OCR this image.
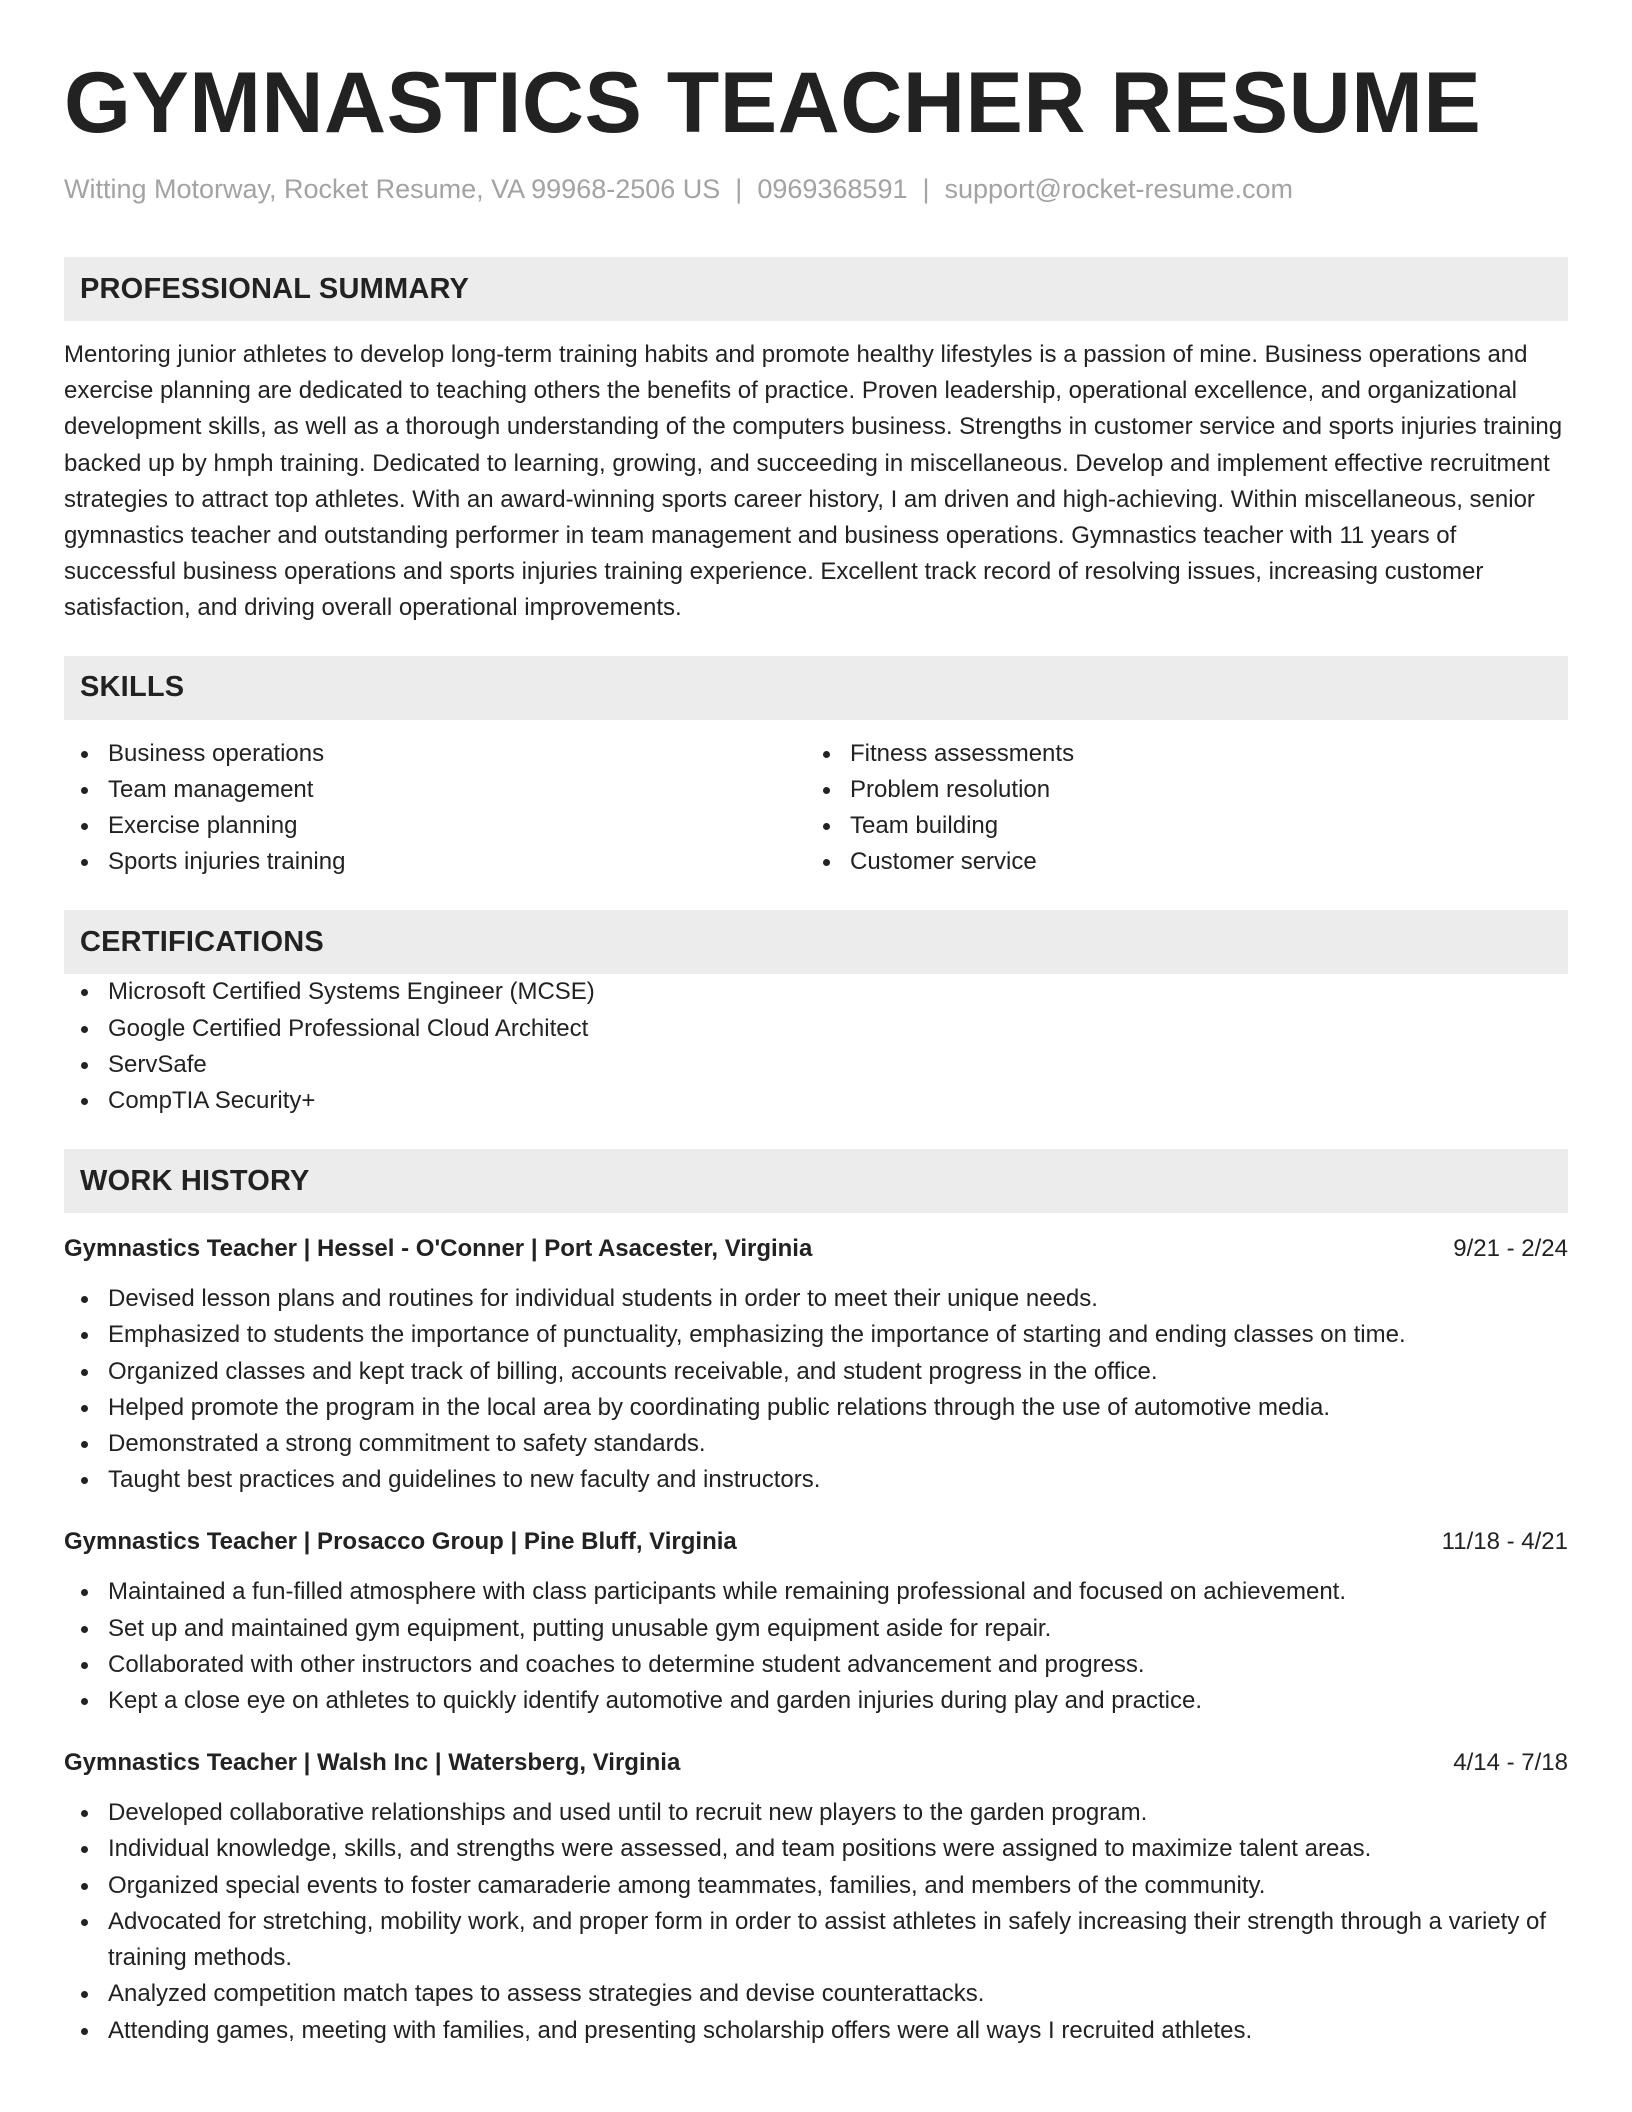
GYMNASTICS TEACHER RESUME
Witting Motorway, Rocket Resume, VA 99968-2506 US | 0969368591 | support@rocket-resume.com
PROFESSIONAL SUMMARY
Mentoring junior athletes to develop long-term training habits and promote healthy lifestyles is a passion of mine. Business operations and exercise planning are dedicated to teaching others the benefits of practice. Proven leadership, operational excellence, and organizational development skills, as well as a thorough understanding of the computers business. Strengths in customer service and sports injuries training backed up by hmph training. Dedicated to learning, growing, and succeeding in miscellaneous. Develop and implement effective recruitment strategies to attract top athletes. With an award-winning sports career history, I am driven and high-achieving. Within miscellaneous, senior gymnastics teacher and outstanding performer in team management and business operations. Gymnastics teacher with 11 years of successful business operations and sports injuries training experience. Excellent track record of resolving issues, increasing customer satisfaction, and driving overall operational improvements.
SKILLS
Business operations
Team management
Exercise planning
Sports injuries training
Fitness assessments
Problem resolution
Team building
Customer service
CERTIFICATIONS
Microsoft Certified Systems Engineer (MCSE)
Google Certified Professional Cloud Architect
ServSafe
CompTIA Security+
WORK HISTORY
Gymnastics Teacher | Hessel - O'Conner | Port Asacester, Virginia	9/21 - 2/24
Devised lesson plans and routines for individual students in order to meet their unique needs.
Emphasized to students the importance of punctuality, emphasizing the importance of starting and ending classes on time.
Organized classes and kept track of billing, accounts receivable, and student progress in the office.
Helped promote the program in the local area by coordinating public relations through the use of automotive media.
Demonstrated a strong commitment to safety standards.
Taught best practices and guidelines to new faculty and instructors.
Gymnastics Teacher | Prosacco Group | Pine Bluff, Virginia	11/18 - 4/21
Maintained a fun-filled atmosphere with class participants while remaining professional and focused on achievement.
Set up and maintained gym equipment, putting unusable gym equipment aside for repair.
Collaborated with other instructors and coaches to determine student advancement and progress.
Kept a close eye on athletes to quickly identify automotive and garden injuries during play and practice.
Gymnastics Teacher | Walsh Inc | Watersberg, Virginia	4/14 - 7/18
Developed collaborative relationships and used until to recruit new players to the garden program.
Individual knowledge, skills, and strengths were assessed, and team positions were assigned to maximize talent areas.
Organized special events to foster camaraderie among teammates, families, and members of the community.
Advocated for stretching, mobility work, and proper form in order to assist athletes in safely increasing their strength through a variety of training methods.
Analyzed competition match tapes to assess strategies and devise counterattacks.
Attending games, meeting with families, and presenting scholarship offers were all ways I recruited athletes.
